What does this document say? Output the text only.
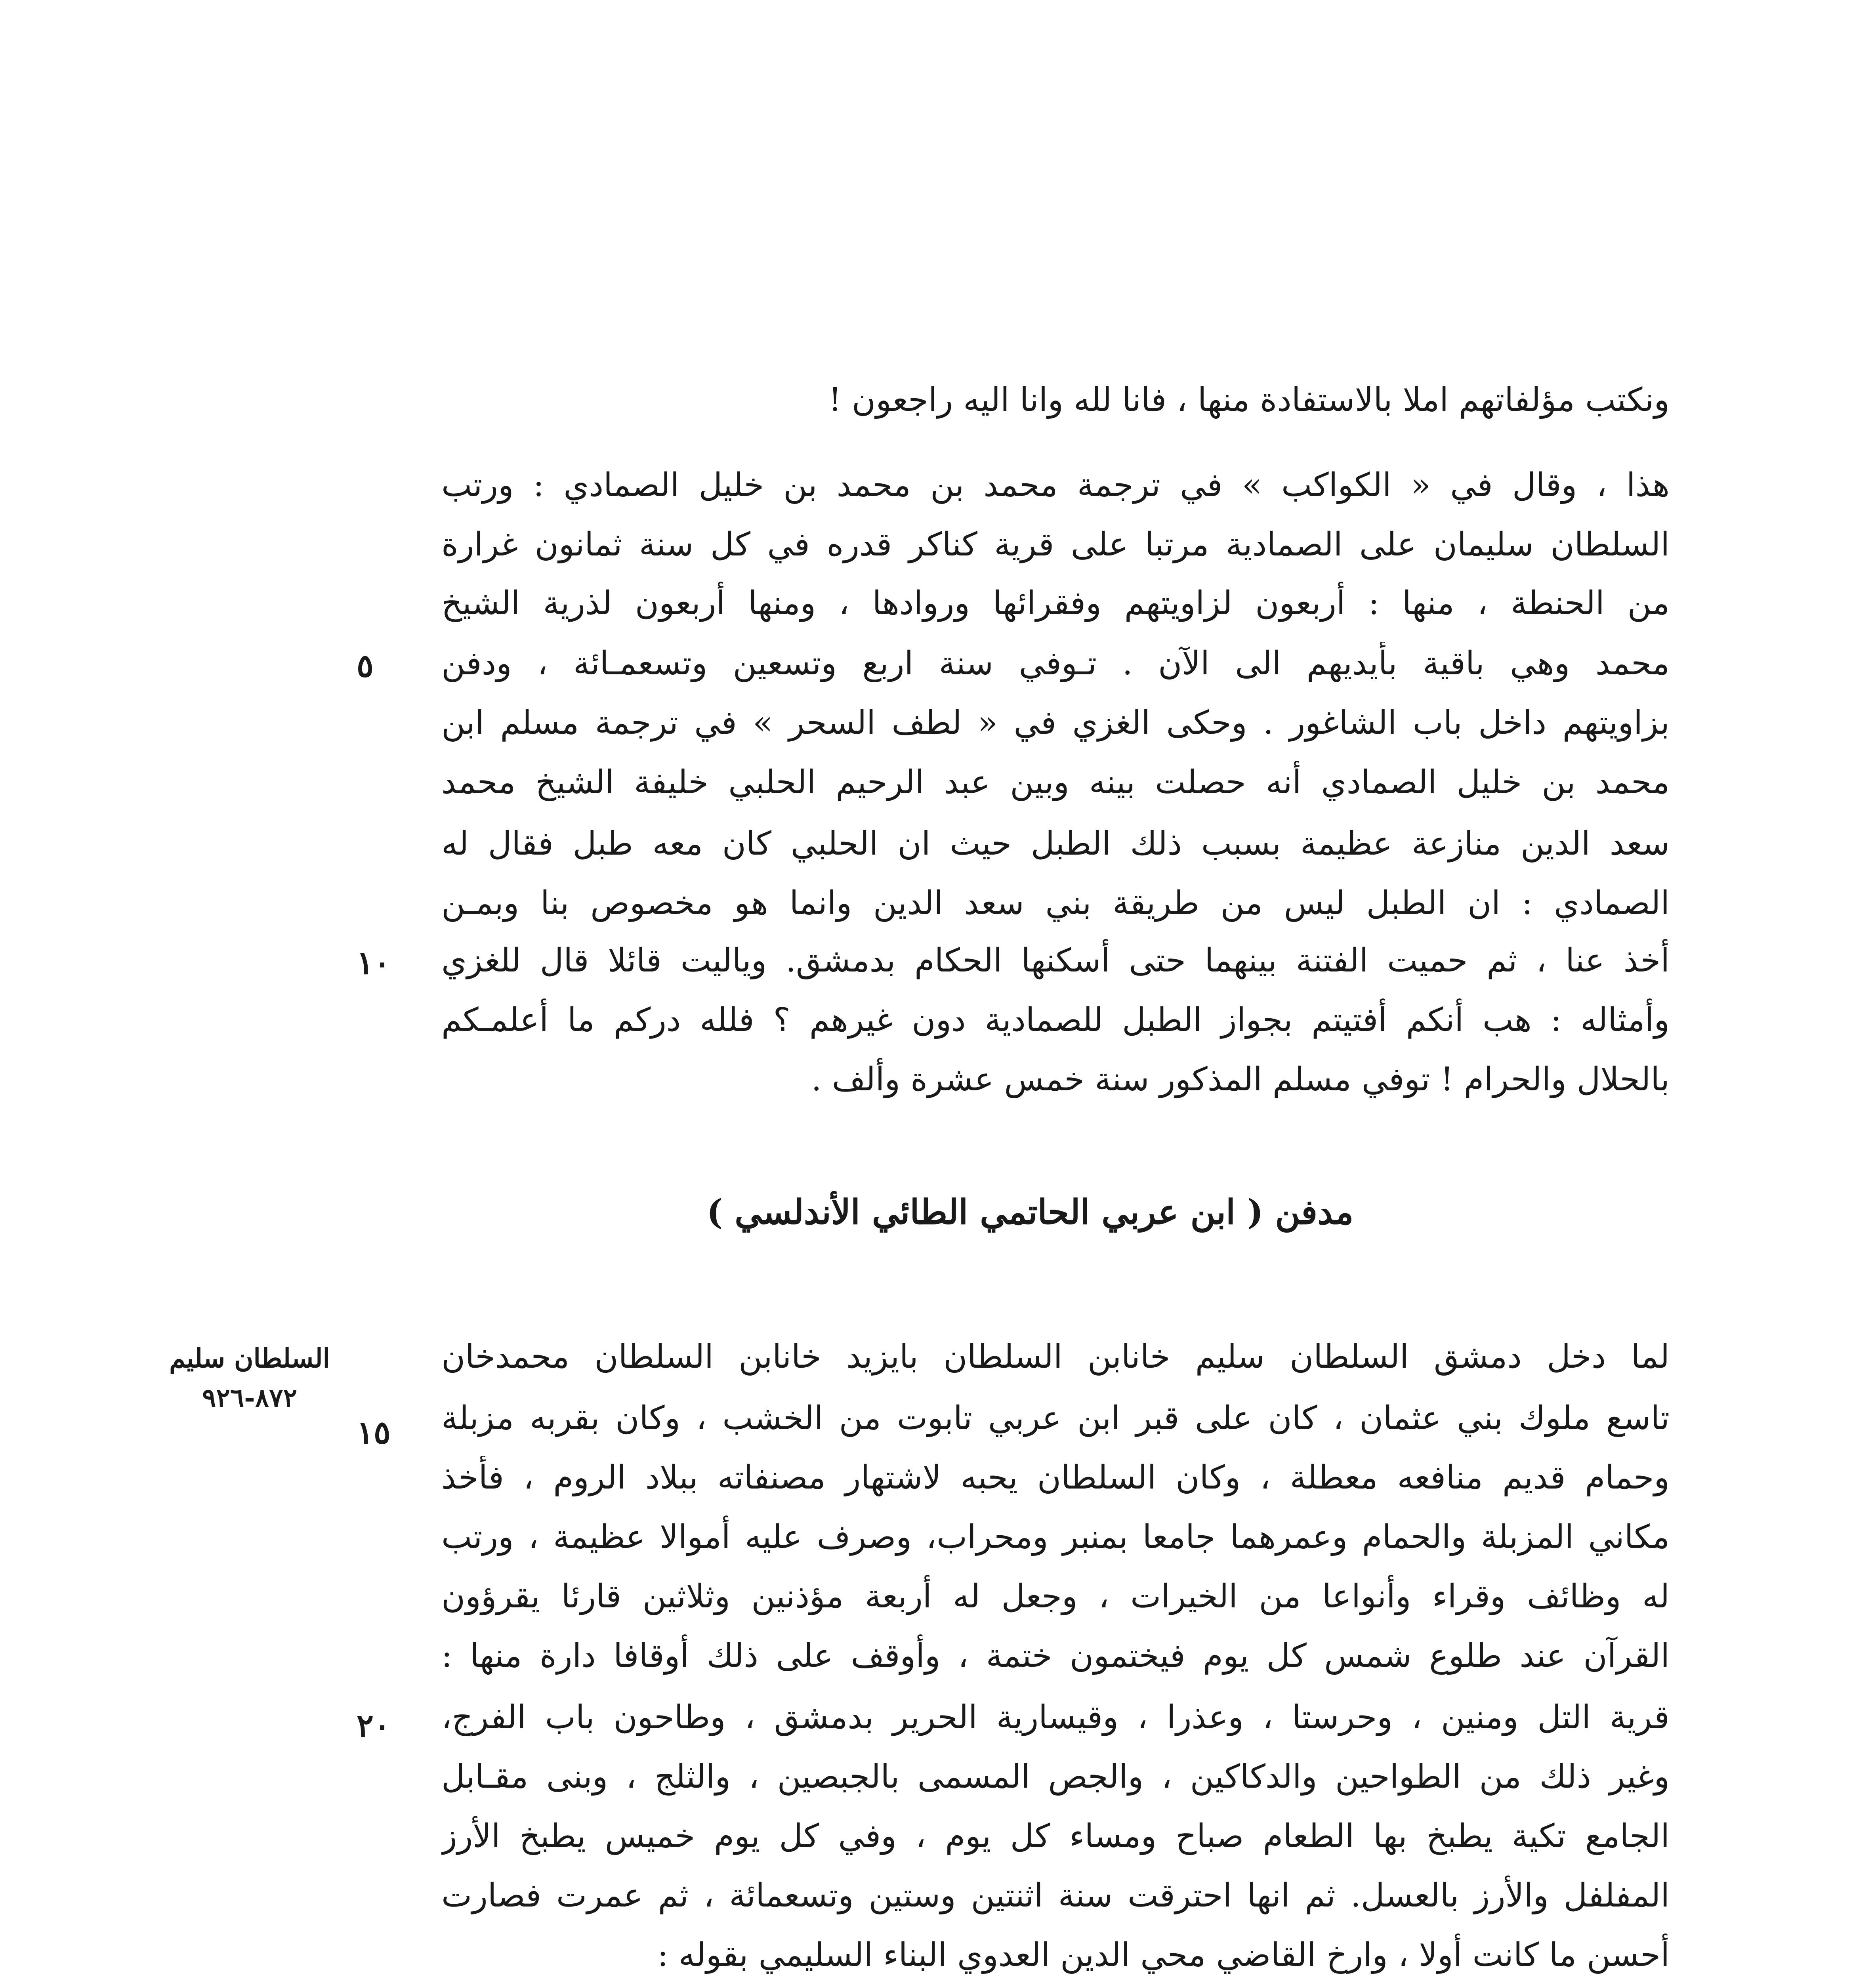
ونكتب مؤلفاتهم املا بالاستفادة منها ، فانا لله وانا اليه راجعون !
هذا ، وقال في « الكواكب » في ترجمة محمد بن محمد بن خليل الصمادي : ورتب
السلطان سليمان على الصمادية مرتبا على قرية كناكر قدره في كل سنة ثمانون غرارة
من الحنطة ، منها : أربعون لزاويتهم وفقرائها وروادها ، ومنها أربعون لذرية الشيخ
محمد وهي باقية بأيديهم الى الآن . تـوفي سنة اربع وتسعين وتسعمـائة ، ودفن
بزاويتهم داخل باب الشاغور . وحكى الغزي في « لطف السحر » في ترجمة مسلم ابن
محمد بن خليل الصمادي أنه حصلت بينه وبين عبد الرحيم الحلبي خليفة الشيخ محمد
سعد الدين منازعة عظيمة بسبب ذلك الطبل حيث ان الحلبي كان معه طبل فقال له
الصمادي : ان الطبل ليس من طريقة بني سعد الدين وانما هو مخصوص بنا وبمـن
أخذ عنا ، ثم حميت الفتنة بينهما حتى أسكنها الحكام بدمشق. وياليت قائلا قال للغزي
وأمثاله : هب أنكم أفتيتم بجواز الطبل للصمادية دون غيرهم ؟ فلله دركم ما أعلمـكم
بالحلال والحرام ! توفي مسلم المذكور سنة خمس عشرة وألف .
مدفن ( ابن عربي الحاتمي الطائي الأندلسي )
لما دخل دمشق السلطان سليم خانابن السلطان بايزيد خانابن السلطان محمدخان
تاسع ملوك بني عثمان ، كان على قبر ابن عربي تابوت من الخشب ، وكان بقربه مزبلة
وحمام قديم منافعه معطلة ، وكان السلطان يحبه لاشتهار مصنفاته ببلاد الروم ، فأخذ
مكاني المزبلة والحمام وعمرهما جامعا بمنبر ومحراب، وصرف عليه أموالا عظيمة ، ورتب
له وظائف وقراء وأنواعا من الخيرات ، وجعل له أربعة مؤذنين وثلاثين قارئا يقرؤون
القرآن عند طلوع شمس كل يوم فيختمون ختمة ، وأوقف على ذلك أوقافا دارة منها :
قرية التل ومنين ، وحرستا ، وعذرا ، وقيسارية الحرير بدمشق ، وطاحون باب الفرج،
وغير ذلك من الطواحين والدكاكين ، والجص المسمى بالجبصين ، والثلج ، وبنى مقـابل
الجامع تكية يطبخ بها الطعام صباح ومساء كل يوم ، وفي كل يوم خميس يطبخ الأرز
المفلفل والأرز بالعسل. ثم انها احترقت سنة اثنتين وستين وتسعمائة ، ثم عمرت فصارت
أحسن ما كانت أولا ، وارخ القاضي محي الدين العدوي البناء السليمي بقوله :
السلطان سليم
٨٧٢-٩٢٦
٥
١٠
١٥
٢٠
